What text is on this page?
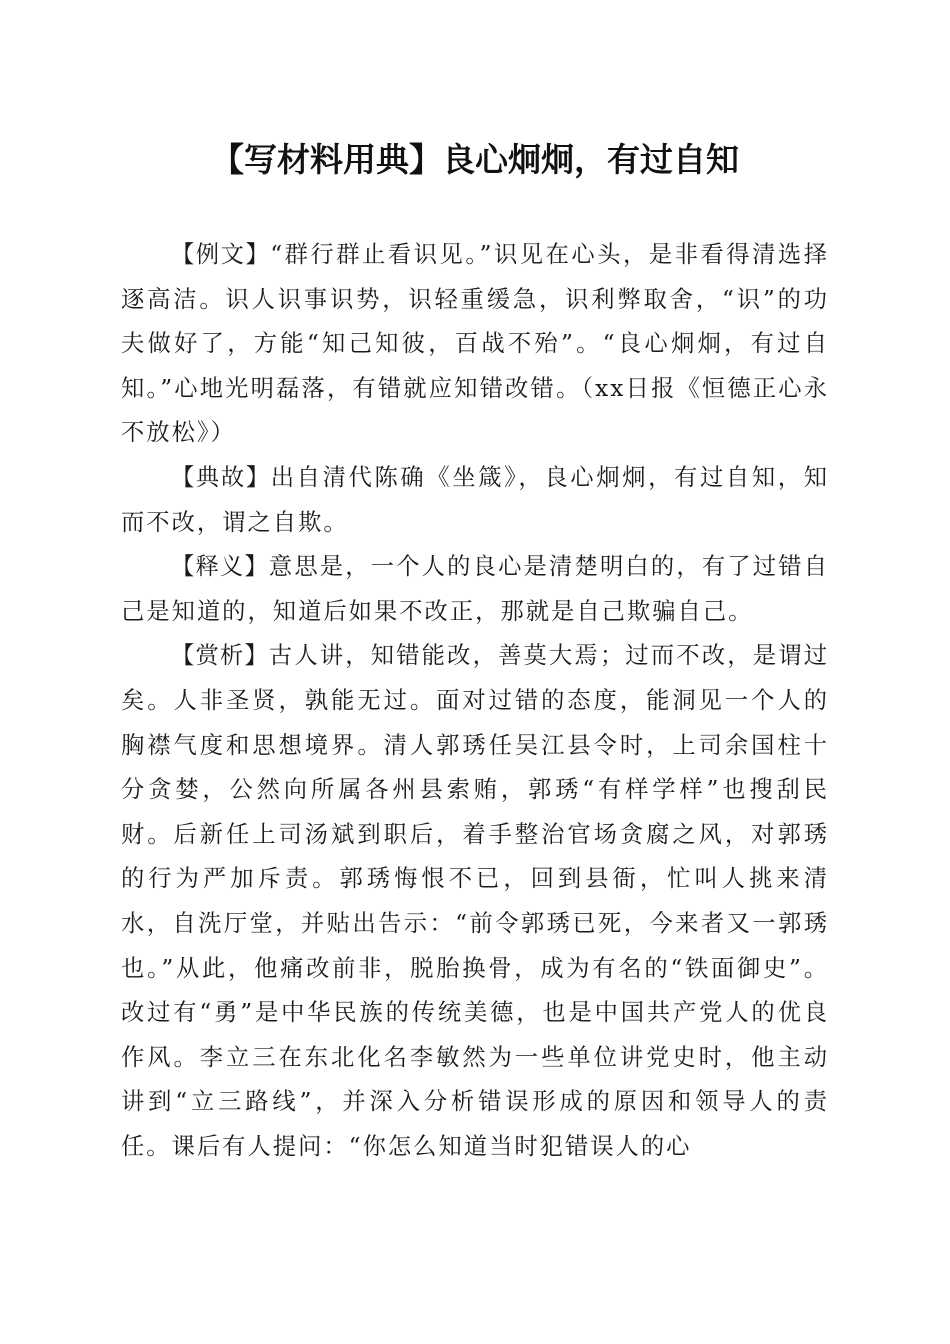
【写材料用典】良心炯炯，有过自知

【例文】“群行群止看识见。”识见在心头，是非看得清选择逐高洁。识人识事识势，识轻重缓急，识利弊取舍，“识”的功夫做好了，方能“知己知彼，百战不殆”。“良心炯炯，有过自知。”心地光明磊落，有错就应知错改错。（xx日报《恒德正心永不放松》）

【典故】出自清代陈确《坐箴》，良心炯炯，有过自知，知而不改，谓之自欺。

【释义】意思是，一个人的良心是清楚明白的，有了过错自己是知道的，知道后如果不改正，那就是自己欺骗自己。

【赏析】古人讲，知错能改，善莫大焉；过而不改，是谓过矣。人非圣贤，孰能无过。面对过错的态度，能洞见一个人的胸襟气度和思想境界。清人郭琇任吴江县令时，上司余国柱十分贪婪，公然向所属各州县索贿，郭琇“有样学样”也搜刮民财。后新任上司汤斌到职后，着手整治官场贪腐之风，对郭琇的行为严加斥责。郭琇悔恨不已，回到县衙，忙叫人挑来清水，自洗厅堂，并贴出告示：“前令郭琇已死，今来者又一郭琇也。”从此，他痛改前非，脱胎换骨，成为有名的“铁面御史”。改过有“勇”是中华民族的传统美德，也是中国共产党人的优良作风。李立三在东北化名李敏然为一些单位讲党史时，他主动讲到“立三路线”，并深入分析错误形成的原因和领导人的责任。课后有人提问：“你怎么知道当时犯错误人的心
